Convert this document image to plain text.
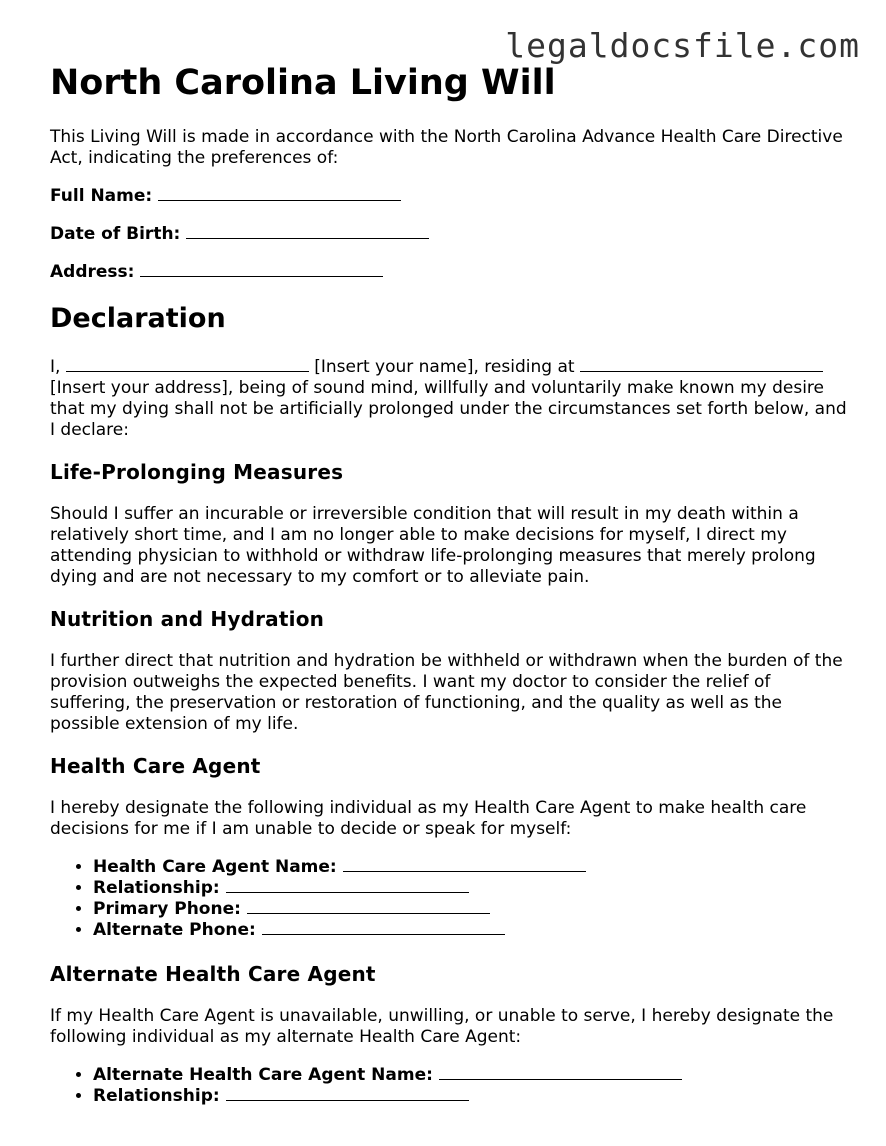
legaldocsfile.com
North Carolina Living Will

This Living Will is made in accordance with the North Carolina Advance Health Care Directive Act, indicating the preferences of:

Full Name:
Date of Birth:
Address:
Declaration

I,	[Insert your name], residing at  [Insert your address], being of sound mind, willfully and voluntarily make known my desire that my dying shall not be artificially prolonged under the circumstances set forth below, and I declare:

Life-Prolonging Measures

Should I suffer an incurable or irreversible condition that will result in my death within a relatively short time, and I am no longer able to make decisions for myself, I direct my attending physician to withhold or withdraw life-prolonging measures that merely prolong dying and are not necessary to my comfort or to alleviate pain.

Nutrition and Hydration

I further direct that nutrition and hydration be withheld or withdrawn when the burden of the provision outweighs the expected benefits. I want my doctor to consider the relief of suffering, the preservation or restoration of functioning, and the quality as well as the possible extension of my life.

Health Care Agent

I hereby designate the following individual as my Health Care Agent to make health care decisions for me if I am unable to decide or speak for myself:

• Health Care Agent Name:
• Relationship:
• Primary Phone:
• Alternate Phone:
Alternate Health Care Agent

If my Health Care Agent is unavailable, unwilling, or unable to serve, I hereby designate the following individual as my alternate Health Care Agent:

• Alternate Health Care Agent Name:
• Relationship:
